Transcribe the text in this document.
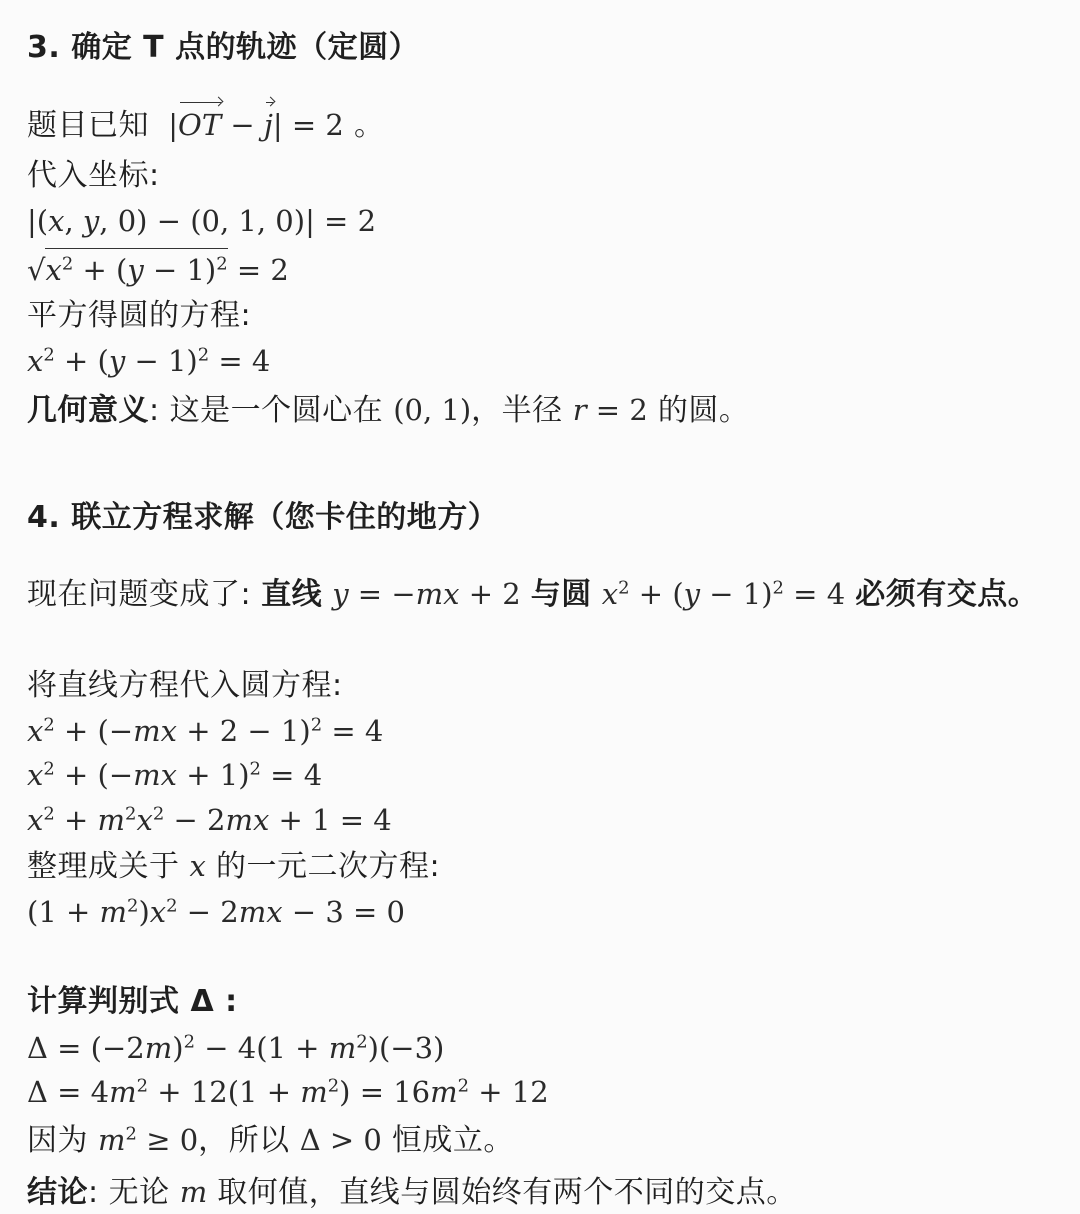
3. 确定 T 点的轨迹（定圆）
题目已知  |OT − j| = 2 。
代入坐标:
|(x, y, 0) − (0, 1, 0)| = 2
$√x^2 + (y - 1)^2 = 2$
平方得圆的方程:
$x^2 + (y - 1)^2 = 4$
几何意义: 这是一个圆心在 (0, 1)，半径 r = 2 的圆。
4. 联立方程求解（您卡住的地方）
现在问题变成了: 直线 y = −mx + 2 与圆 $x^2 + (y - 1)^2 = 4$ 必须有交点。
将直线方程代入圆方程:
$x^2 + (-mx + 2 - 1)^2 = 4$
$x^2 + (-mx + 1)^2 = 4$
$x^2 + m^2x^2 - 2mx + 1 = 4$
整理成关于 x 的一元二次方程:
$(1 + m^2)x^2 - 2mx - 3 = 0$
计算判别式 Δ :
$\Delta = (-2m)^2 - 4(1 + m^2)(-3)$
$\Delta = 4m^2 + 12(1 + m^2) = 16m^2 + 12$
因为 $m^2 \ge 0$，所以 Δ > 0 恒成立。
结论: 无论 m 取何值，直线与圆始终有两个不同的交点。
